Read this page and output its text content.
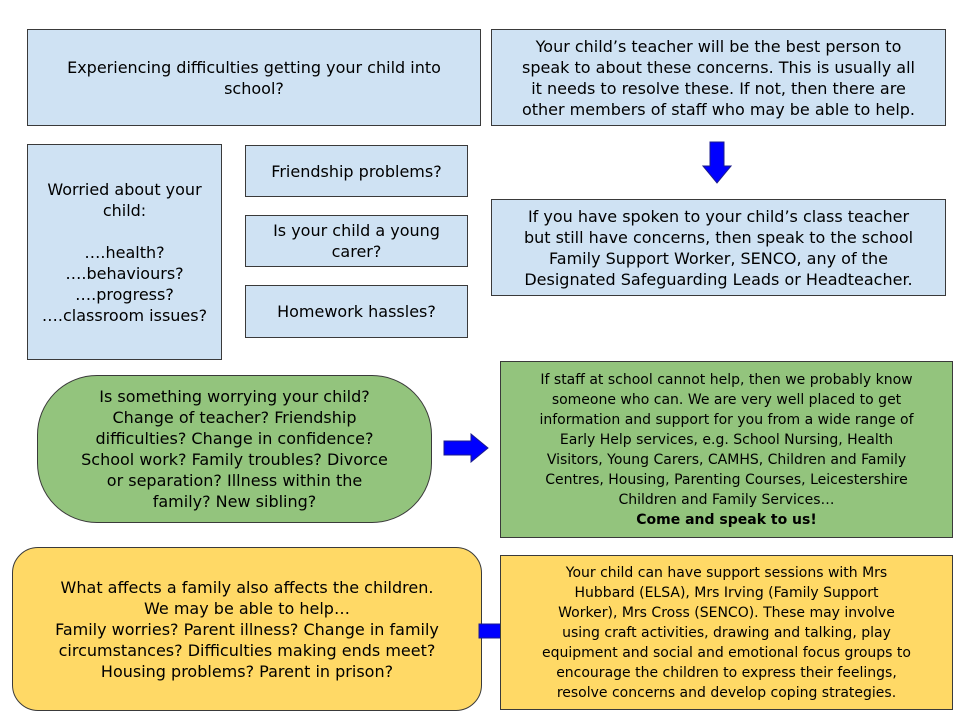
Experiencing difficulties getting your child into
school?
Your child’s teacher will be the best person to
speak to about these concerns. This is usually all
it needs to resolve these. If not, then there are
other members of staff who may be able to help.
Worried about your
child:
….health?
….behaviours?
….progress?
….classroom issues?
Friendship problems?
Is your child a young
carer?
Homework hassles?
If you have spoken to your child’s class teacher
but still have concerns, then speak to the school
Family Support Worker, SENCO, any of the
Designated Safeguarding Leads or Headteacher.
Is something worrying your child?
Change of teacher? Friendship
difficulties? Change in confidence?
School work? Family troubles? Divorce
or separation? Illness within the
family? New sibling?
If staff at school cannot help, then we probably know
someone who can. We are very well placed to get
information and support for you from a wide range of
Early Help services, e.g. School Nursing, Health
Visitors, Young Carers, CAMHS, Children and Family
Centres, Housing, Parenting Courses, Leicestershire
Children and Family Services…
Come and speak to us!
What affects a family also affects the children.
We may be able to help…
Family worries? Parent illness? Change in family
circumstances? Difficulties making ends meet?
Housing problems? Parent in prison?
Your child can have support sessions with Mrs
Hubbard (ELSA), Mrs Irving (Family Support
Worker), Mrs Cross (SENCO). These may involve
using craft activities, drawing and talking, play
equipment and social and emotional focus groups to
encourage the children to express their feelings,
resolve concerns and develop coping strategies.
